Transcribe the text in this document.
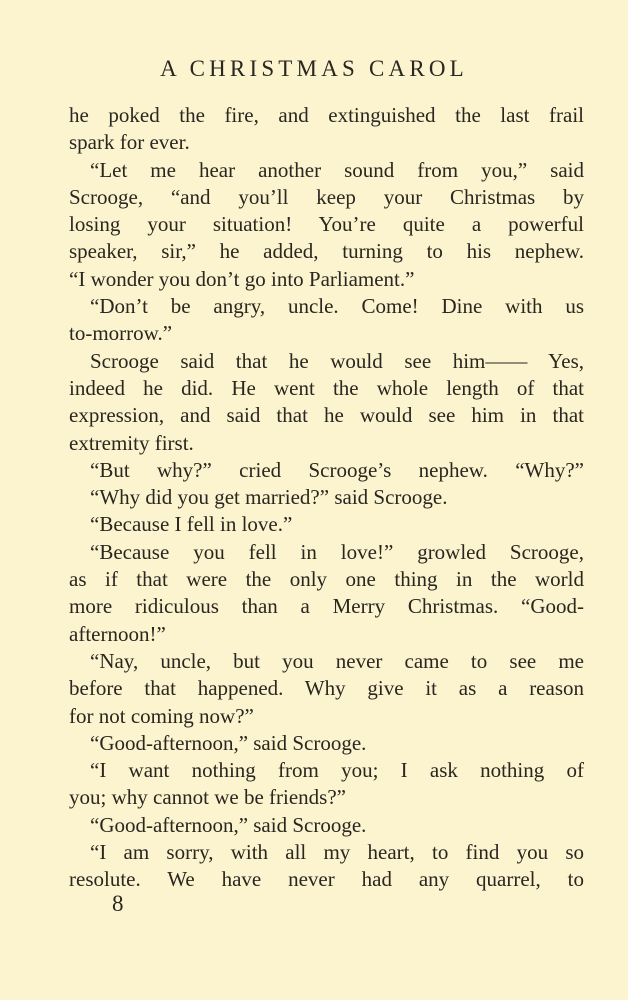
A CHRISTMAS CAROL
he poked the fire, and extinguished the last frail
spark for ever.
“Let me hear another sound from you,” said
Scrooge, “and you’ll keep your Christmas by
losing your situation! You’re quite a powerful
speaker, sir,” he added, turning to his nephew.
“I wonder you don’t go into Parliament.”
“Don’t be angry, uncle. Come! Dine with us
to-morrow.”
Scrooge said that he would see him—— Yes,
indeed he did. He went the whole length of that
expression, and said that he would see him in that
extremity first.
“But why?” cried Scrooge’s nephew. “Why?”
“Why did you get married?” said Scrooge.
“Because I fell in love.”
“Because you fell in love!” growled Scrooge,
as if that were the only one thing in the world
more ridiculous than a Merry Christmas. “Good-
afternoon!”
“Nay, uncle, but you never came to see me
before that happened. Why give it as a reason
for not coming now?”
“Good-afternoon,” said Scrooge.
“I want nothing from you; I ask nothing of
you; why cannot we be friends?”
“Good-afternoon,” said Scrooge.
“I am sorry, with all my heart, to find you so
resolute. We have never had any quarrel, to
8
